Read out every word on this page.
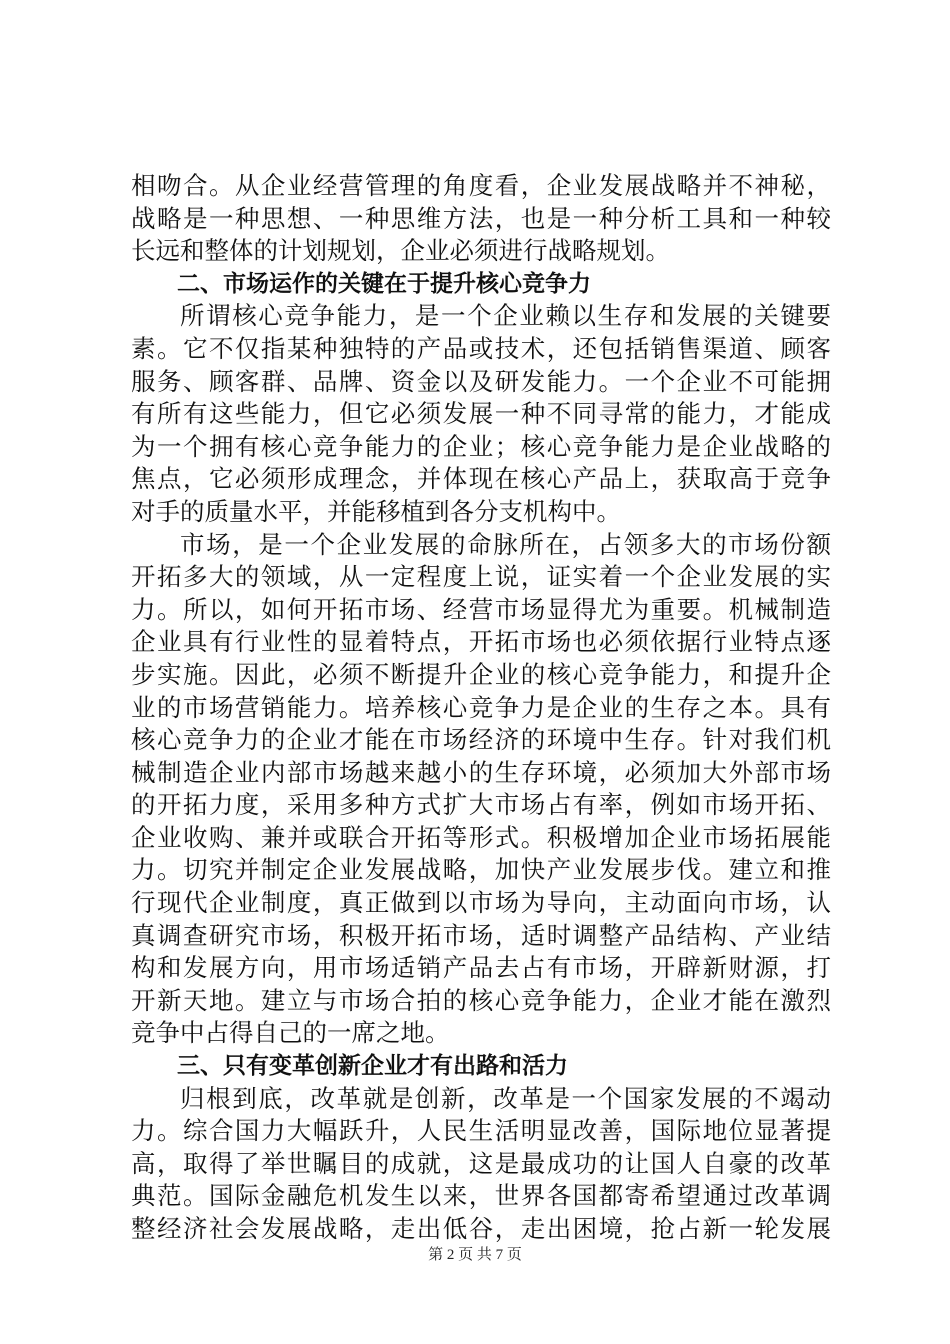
相吻合。从企业经营管理的角度看，企业发展战略并不神秘，
战略是一种思想、一种思维方法，也是一种分析工具和一种较
长远和整体的计划规划，企业必须进行战略规划。
二、市场运作的关键在于提升核心竞争力
所谓核心竞争能力，是一个企业赖以生存和发展的关键要
素。它不仅指某种独特的产品或技术，还包括销售渠道、顾客
服务、顾客群、品牌、资金以及研发能力。一个企业不可能拥
有所有这些能力，但它必须发展一种不同寻常的能力，才能成
为一个拥有核心竞争能力的企业；核心竞争能力是企业战略的
焦点，它必须形成理念，并体现在核心产品上，获取高于竞争
对手的质量水平，并能移植到各分支机构中。
市场，是一个企业发展的命脉所在，占领多大的市场份额
开拓多大的领域，从一定程度上说，证实着一个企业发展的实
力。所以，如何开拓市场、经营市场显得尤为重要。机械制造
企业具有行业性的显着特点，开拓市场也必须依据行业特点逐
步实施。因此，必须不断提升企业的核心竞争能力，和提升企
业的市场营销能力。培养核心竞争力是企业的生存之本。具有
核心竞争力的企业才能在市场经济的环境中生存。针对我们机
械制造企业内部市场越来越小的生存环境，必须加大外部市场
的开拓力度，采用多种方式扩大市场占有率，例如市场开拓、
企业收购、兼并或联合开拓等形式。积极增加企业市场拓展能
力。切究并制定企业发展战略，加快产业发展步伐。建立和推
行现代企业制度，真正做到以市场为导向，主动面向市场，认
真调查研究市场，积极开拓市场，适时调整产品结构、产业结
构和发展方向，用市场适销产品去占有市场，开辟新财源，打
开新天地。建立与市场合拍的核心竞争能力，企业才能在激烈
竞争中占得自己的一席之地。
三、只有变革创新企业才有出路和活力
归根到底，改革就是创新，改革是一个国家发展的不竭动
力。综合国力大幅跃升，人民生活明显改善，国际地位显著提
高，取得了举世瞩目的成就，这是最成功的让国人自豪的改革
典范。国际金融危机发生以来，世界各国都寄希望通过改革调
整经济社会发展战略，走出低谷，走出困境，抢占新一轮发展
第 2 页 共 7 页
